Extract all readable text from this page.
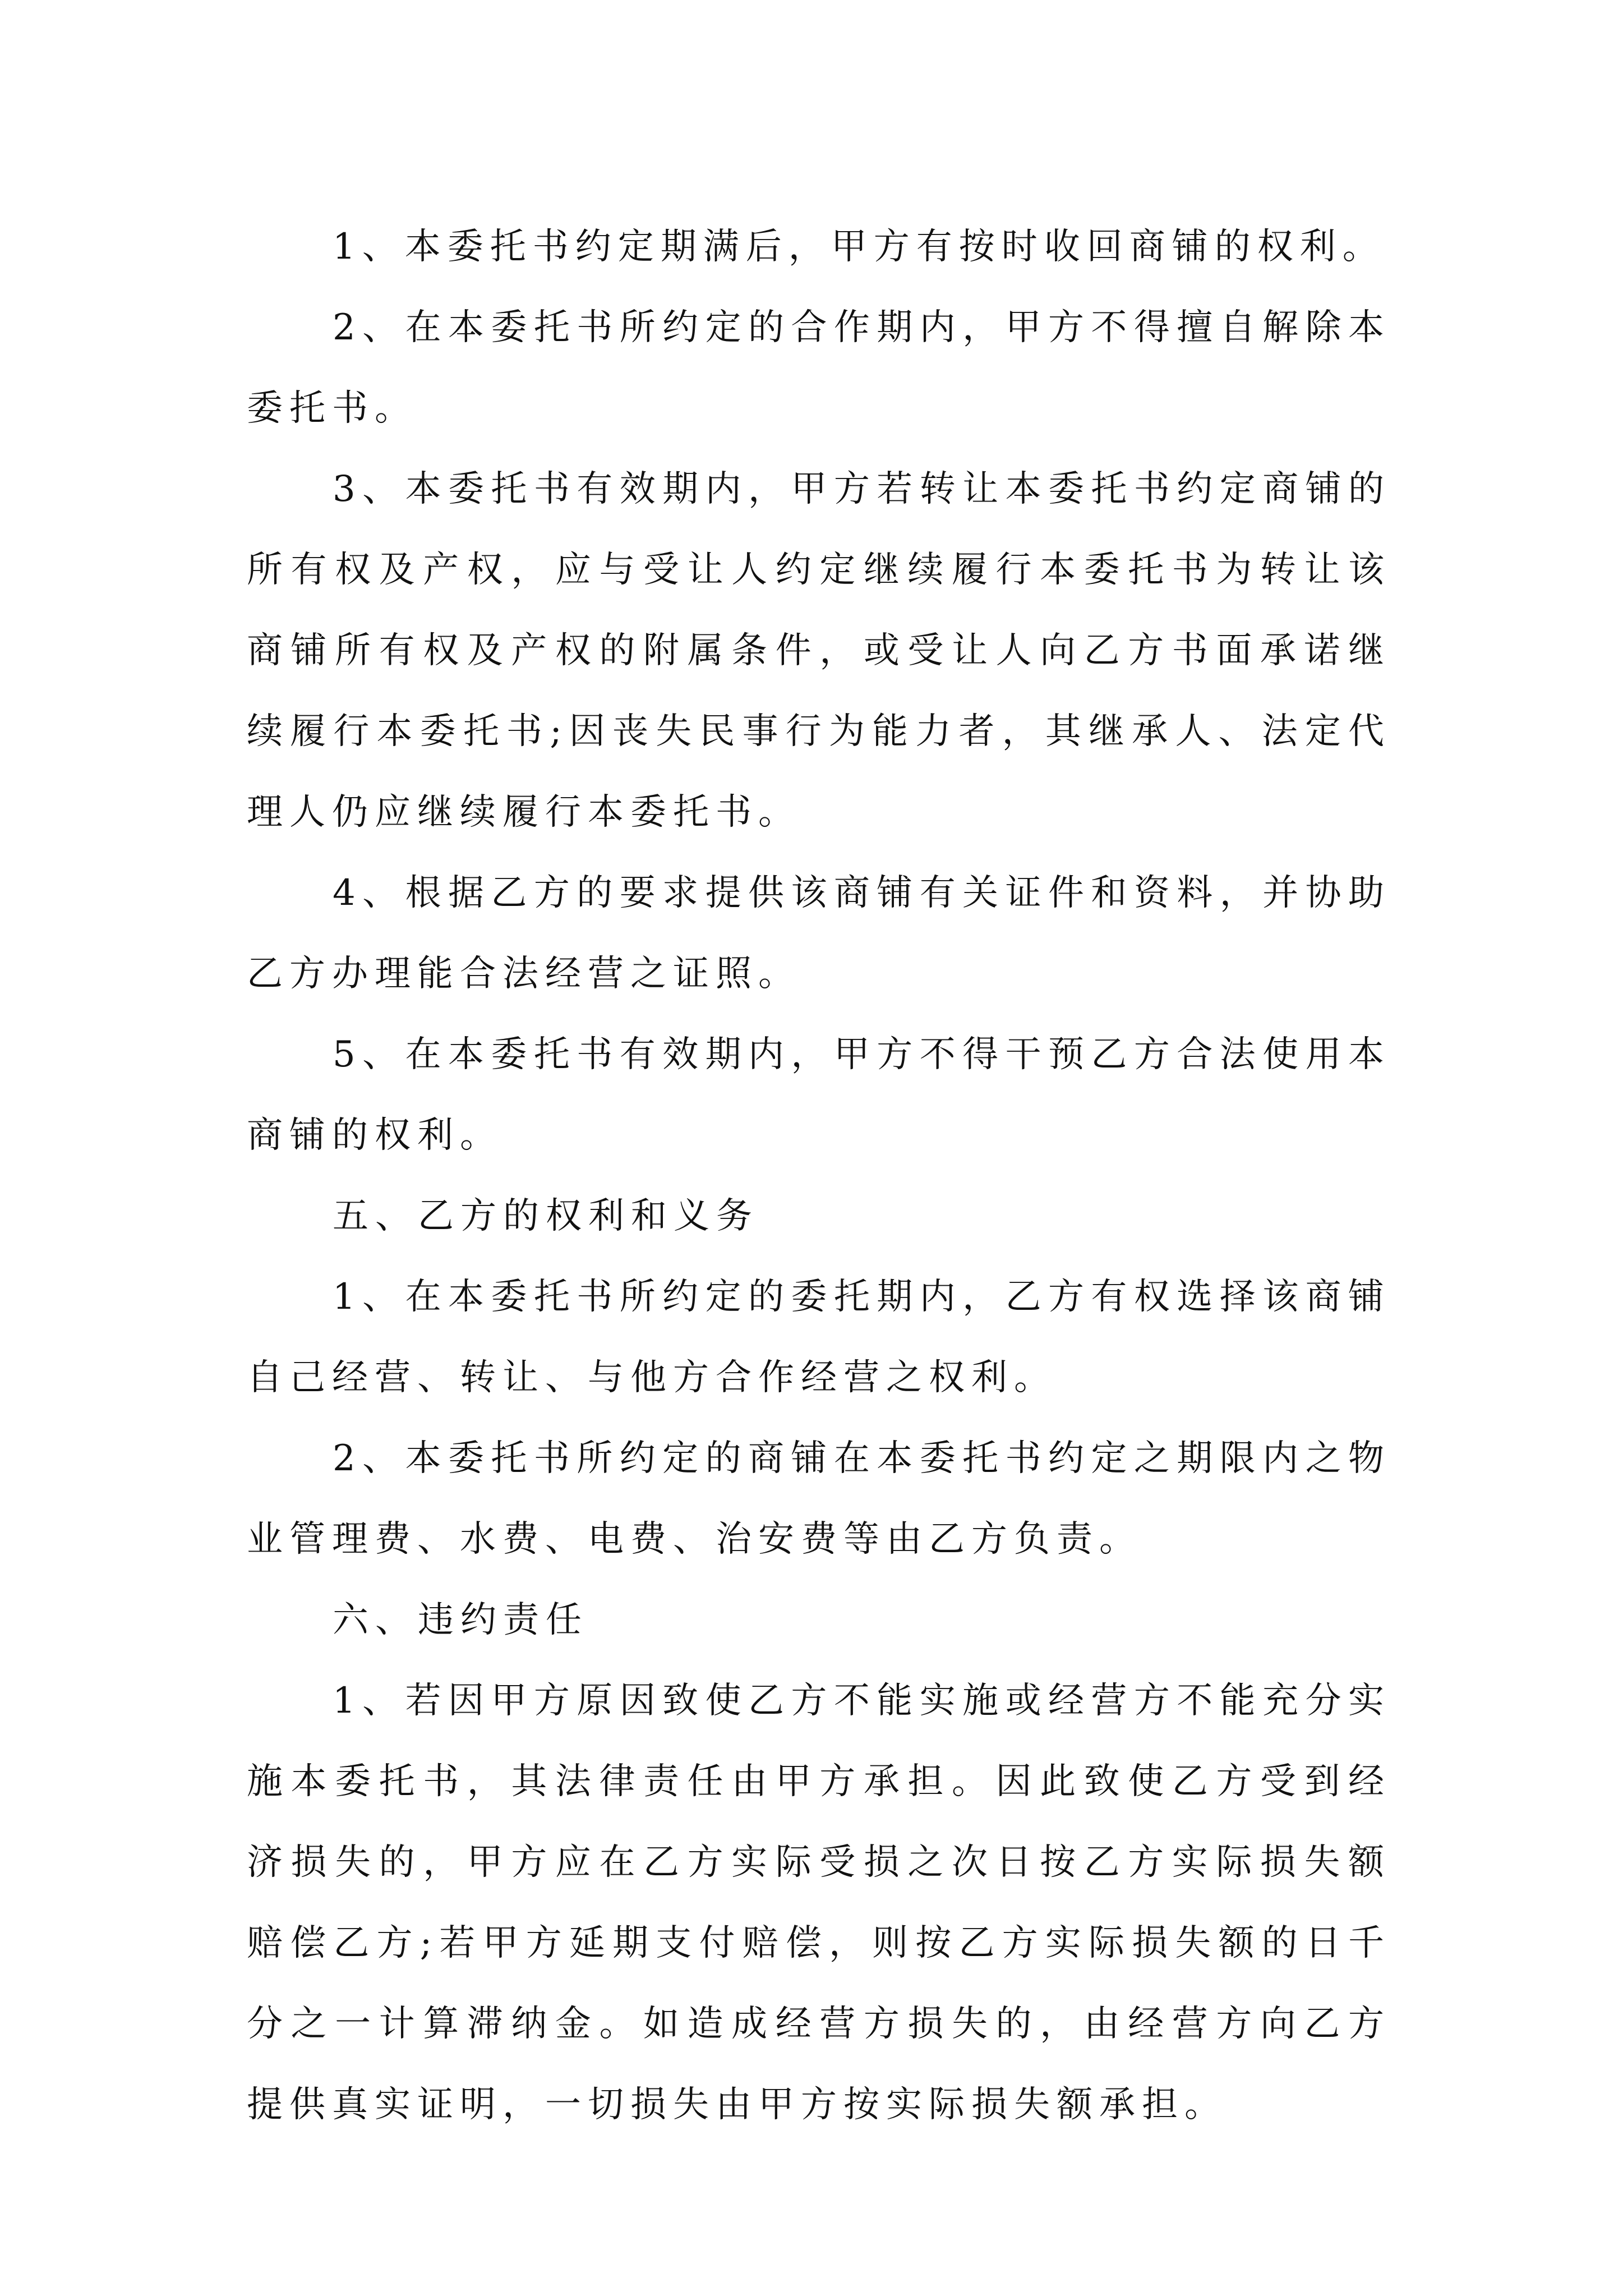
1、本委托书约定期满后，甲方有按时收回商铺的权利。

2、在本委托书所约定的合作期内，甲方不得擅自解除本委托书。

3、本委托书有效期内，甲方若转让本委托书约定商铺的所有权及产权，应与受让人约定继续履行本委托书为转让该商铺所有权及产权的附属条件，或受让人向乙方书面承诺继续履行本委托书;因丧失民事行为能力者，其继承人、法定代理人仍应继续履行本委托书。

4、根据乙方的要求提供该商铺有关证件和资料，并协助乙方办理能合法经营之证照。

5、在本委托书有效期内，甲方不得干预乙方合法使用本商铺的权利。

五、乙方的权利和义务

1、在本委托书所约定的委托期内，乙方有权选择该商铺自己经营、转让、与他方合作经营之权利。

2、本委托书所约定的商铺在本委托书约定之期限内之物业管理费、水费、电费、治安费等由乙方负责。

六、违约责任

1、若因甲方原因致使乙方不能实施或经营方不能充分实施本委托书，其法律责任由甲方承担。因此致使乙方受到经济损失的，甲方应在乙方实际受损之次日按乙方实际损失额赔偿乙方;若甲方延期支付赔偿，则按乙方实际损失额的日千分之一计算滞纳金。如造成经营方损失的，由经营方向乙方提供真实证明，一切损失由甲方按实际损失额承担。
